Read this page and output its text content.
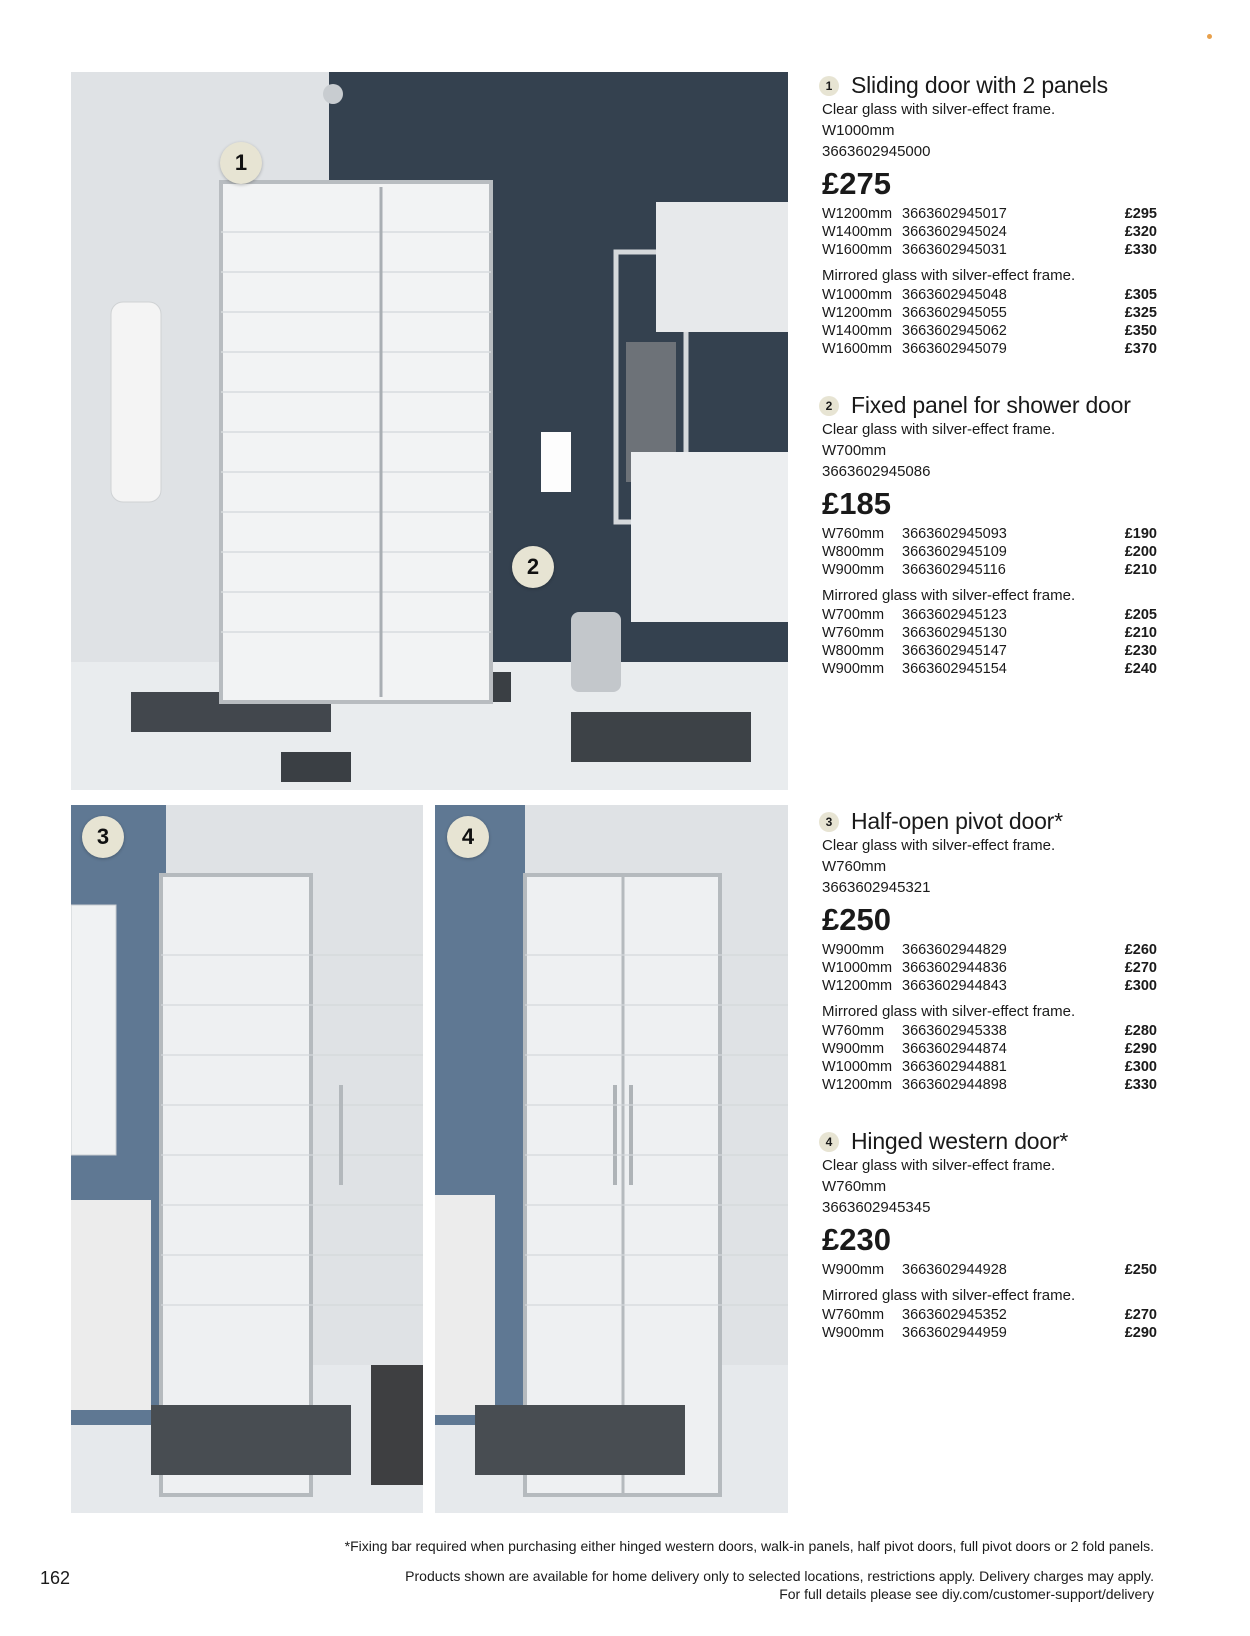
1
2
3	4
1 Sliding door with 2 panels
Clear glass with silver-effect frame.
W1000mm
3663602945000
£275
W1200mm 3663602945017	£295
W1400mm 3663602945024	£320
W1600mm 3663602945031	£330
Mirrored glass with silver-effect frame.
W1000mm 3663602945048	£305
W1200mm 3663602945055	£325
W1400mm 3663602945062	£350
W1600mm 3663602945079	£370
2 Fixed panel for shower door
Clear glass with silver-effect frame.
W700mm
3663602945086
£185
W760mm	3663602945093	£190
W800mm	3663602945109	£200
W900mm	3663602945116	£210
Mirrored glass with silver-effect frame.
W700mm	3663602945123	£205
W760mm	3663602945130	£210
W800mm	3663602945147	£230
W900mm	3663602945154	£240
3 Half-open pivot door*
Clear glass with silver-effect frame.
W760mm
3663602945321
£250
W900mm	3663602944829	£260
W1000mm 3663602944836	£270
W1200mm 3663602944843	£300
Mirrored glass with silver-effect frame.
W760mm	3663602945338	£280
W900mm	3663602944874	£290
W1000mm 3663602944881	£300
W1200mm 3663602944898	£330
4 Hinged western door*
Clear glass with silver-effect frame.
W760mm
3663602945345
£230
W900mm	3663602944928	£250
Mirrored glass with silver-effect frame.
W760mm	3663602945352	£270
W900mm	3663602944959	£290
*Fixing bar required when purchasing either hinged western doors, walk-in panels, half pivot doors, full pivot doors or 2 fold panels.
Products shown are available for home delivery only to selected locations, restrictions apply. Delivery charges may apply.
For full details please see diy.com/customer-support/delivery
162
